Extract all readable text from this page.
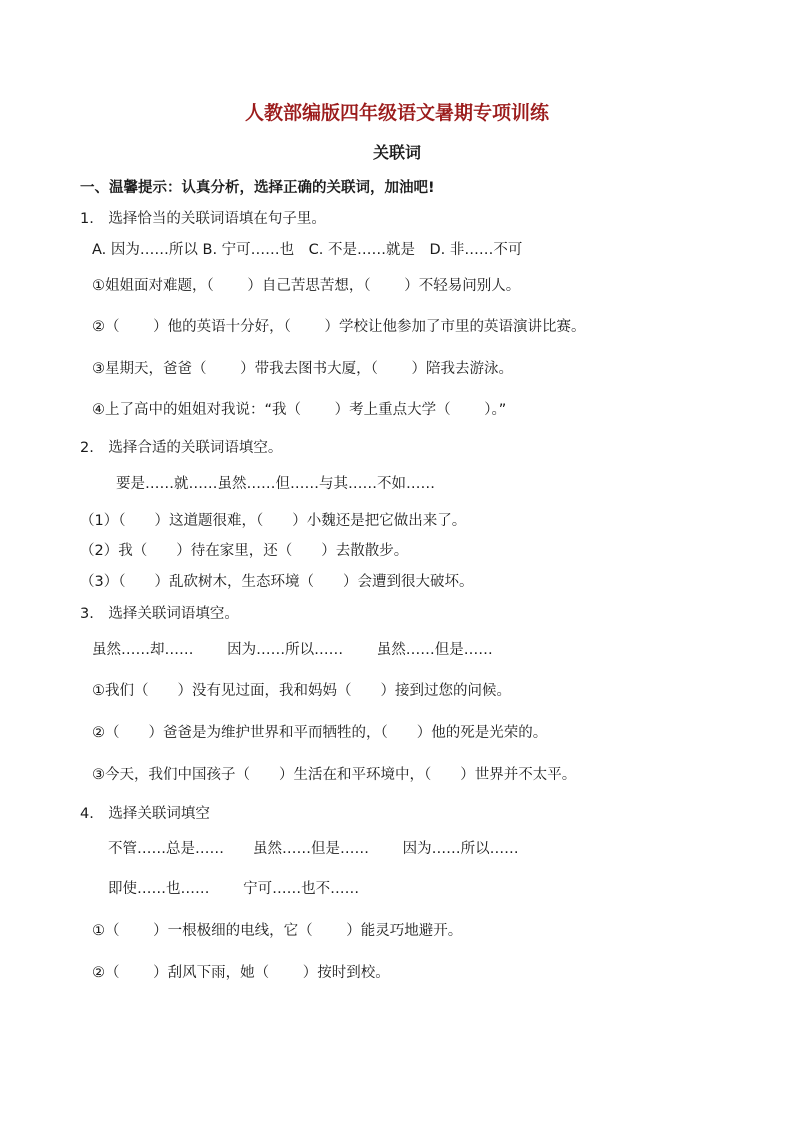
人教部编版四年级语文暑期专项训练
关联词
一、温馨提示：认真分析，选择正确的关联词，加油吧!
1.　选择恰当的关联词语填在句子里。
A. 因为……所以 B. 宁可……也　C. 不是……就是　D. 非……不可
①姐姐面对难题，（　　 ）自己苦思苦想，（　　 ）不轻易问别人。
②（　　 ）他的英语十分好，（　　 ）学校让他参加了市里的英语演讲比赛。
③星期天，爸爸（　　 ）带我去图书大厦，（　　 ）陪我去游泳。
④上了高中的姐姐对我说：“我（　　 ）考上重点大学（　　 ）。”
2.　选择合适的关联词语填空。
要是……就……虽然……但……与其……不如……
（1）（　　）这道题很难，（　　）小魏还是把它做出来了。
（2）我（　　）待在家里，还（　　）去散散步。
（3）（　　）乱砍树木，生态环境（　　）会遭到很大破坏。
3.　选择关联词语填空。
虽然……却……　　 因为……所以……　　 虽然……但是……
①我们（　　）没有见过面，我和妈妈（　　）接到过您的问候。
②（　　）爸爸是为维护世界和平而牺牲的，（　　）他的死是光荣的。
③今天，我们中国孩子（　　）生活在和平环境中，（　　）世界并不太平。
4.　选择关联词填空
不管……总是……　　虽然……但是……　　 因为……所以……
即使……也……　　 宁可……也不……
①（　　 ）一根极细的电线，它（　　 ）能灵巧地避开。
②（　　 ）刮风下雨，她（　　 ）按时到校。
